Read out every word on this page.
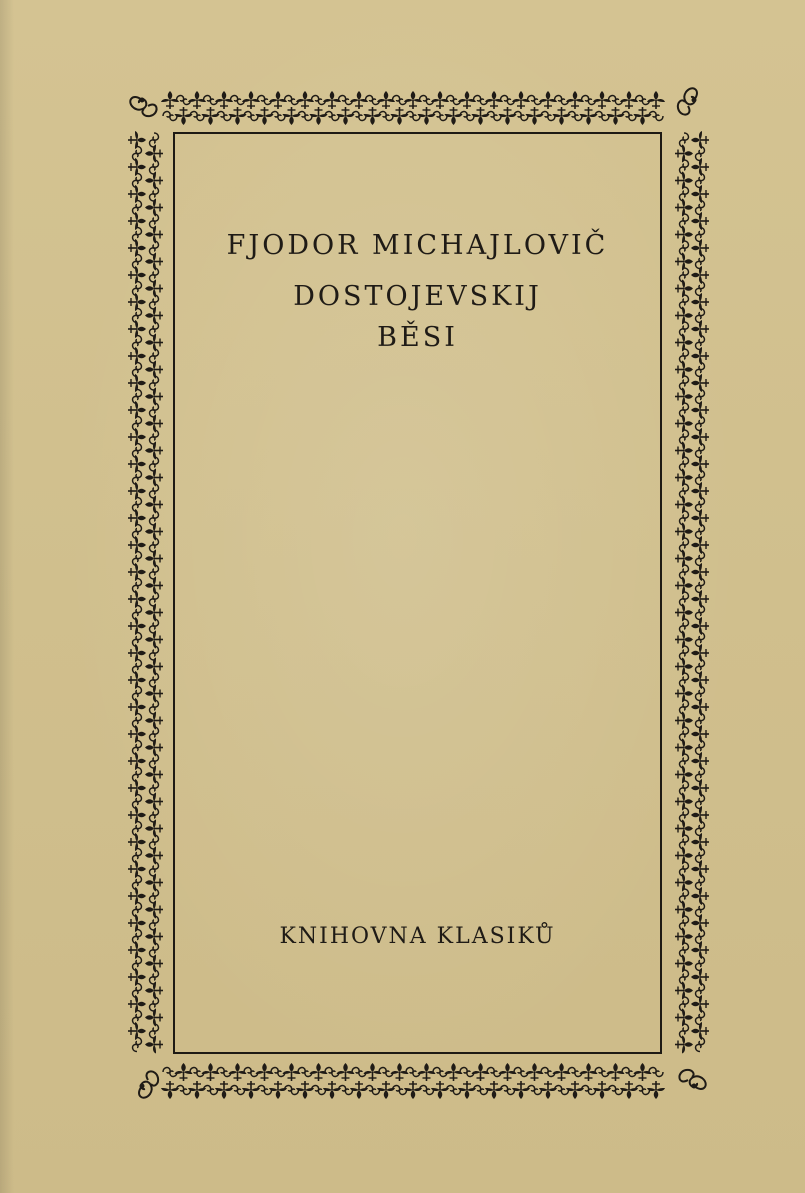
FJODOR MICHAJLOVIČ
DOSTOJEVSKIJ
BĚSI
KNIHOVNA KLASIKŮ
